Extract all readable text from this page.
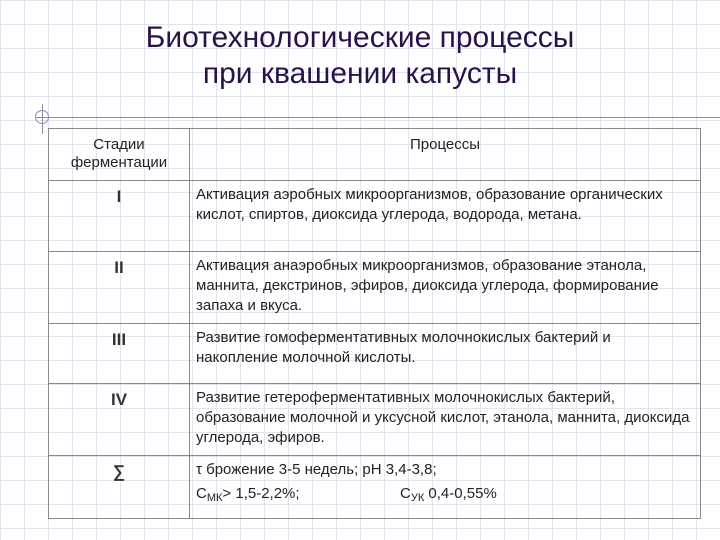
Биотехнологические процессы
при квашении капусты
Стадии
ферментации	Процессы

I	Активация аэробных микроорганизмов, образование органических кислот, спиртов, диоксида углерода, водорода, метана.
II	Активация анаэробных микроорганизмов, образование этанола, маннита, декстринов, эфиров, диоксида углерода, формирование запаха и вкуса.
III	Развитие гомоферментативных молочнокислых бактерий и накопление молочной кислоты.
IV	Развитие гетероферментативных молочнокислых бактерий, образование молочной и уксусной кислот, этанола, маннита, диоксида углерода, эфиров.
∑	τ брожение 3-5 недель; pH 3,4-3,8;
$С_{МК}> 1,5-2,2\%$; $С_{УК}$ 0,4-0,55%
